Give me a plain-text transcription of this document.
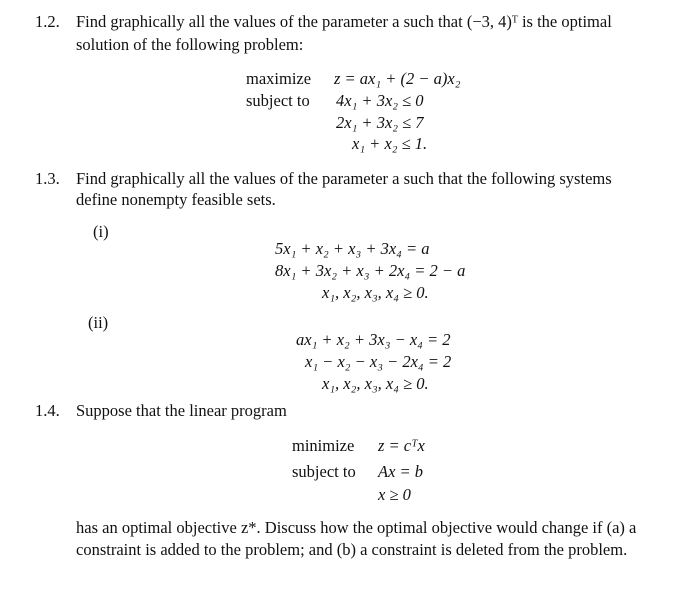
1.2. Find graphically all the values of the parameter a such that (−3, 4)ᵀ is the optimal
solution of the following problem:
maximize z = ax₁ + (2 − a)x₂
subject to 4x₁ + 3x₂ ≤ 0
2x₁ + 3x₂ ≤ 7
x₁ + x₂ ≤ 1.
1.3. Find graphically all the values of the parameter a such that the following systems
define nonempty feasible sets.
(i)
5x₁ + x₂ + x₃ + 3x₄ = a
8x₁ + 3x₂ + x₃ + 2x₄ = 2 − a
x₁, x₂, x₃, x₄ ≥ 0.
(ii)
ax₁ + x₂ + 3x₃ − x₄ = 2
x₁ − x₂ − x₃ − 2x₄ = 2
x₁, x₂, x₃, x₄ ≥ 0.
1.4. Suppose that the linear program
minimize z = cᵀx
subject to Ax = b
x ≥ 0
has an optimal objective z*. Discuss how the optimal objective would change if (a) a
constraint is added to the problem; and (b) a constraint is deleted from the problem.
